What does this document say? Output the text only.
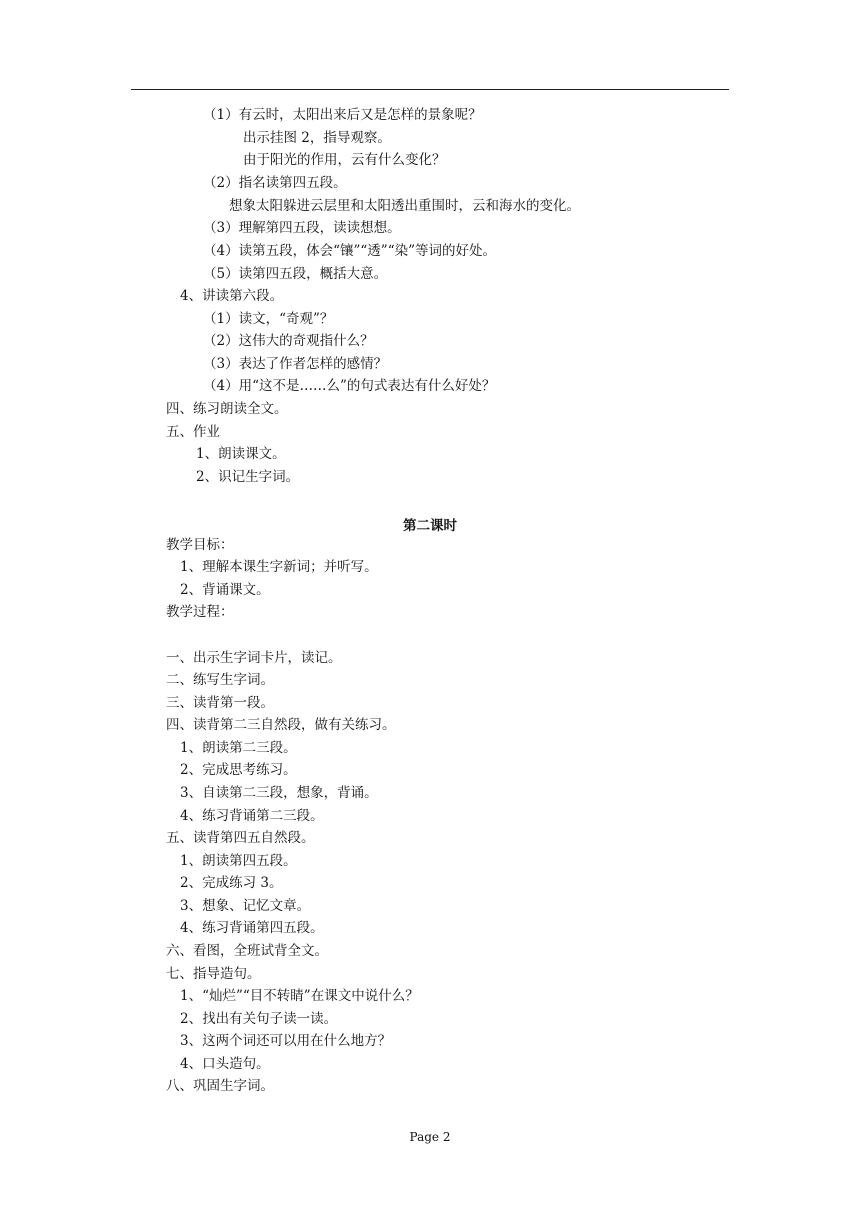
（1）有云时，太阳出来后又是怎样的景象呢？
出示挂图 2，指导观察。
由于阳光的作用，云有什么变化？
（2）指名读第四五段。
想象太阳躲进云层里和太阳透出重围时，云和海水的变化。
（3）理解第四五段，读读想想。
（4）读第五段，体会“镶”“透”“染”等词的好处。
（5）读第四五段，概括大意。
4、讲读第六段。
（1）读文，“奇观”？
（2）这伟大的奇观指什么？
（3）表达了作者怎样的感情？
（4）用“这不是……么”的句式表达有什么好处？
四、练习朗读全文。
五、作业
1、朗读课文。
2、识记生字词。
第二课时
教学目标：
1、理解本课生字新词；并听写。
2、背诵课文。
教学过程：
一、出示生字词卡片，读记。
二、练写生字词。
三、读背第一段。
四、读背第二三自然段，做有关练习。
1、朗读第二三段。
2、完成思考练习。
3、自读第二三段，想象，背诵。
4、练习背诵第二三段。
五、读背第四五自然段。
1、朗读第四五段。
2、完成练习 3。
3、想象、记忆文章。
4、练习背诵第四五段。
六、看图，全班试背全文。
七、指导造句。
1、“灿烂”“目不转睛”在课文中说什么？
2、找出有关句子读一读。
3、这两个词还可以用在什么地方？
4、口头造句。
八、巩固生字词。
Page 2
